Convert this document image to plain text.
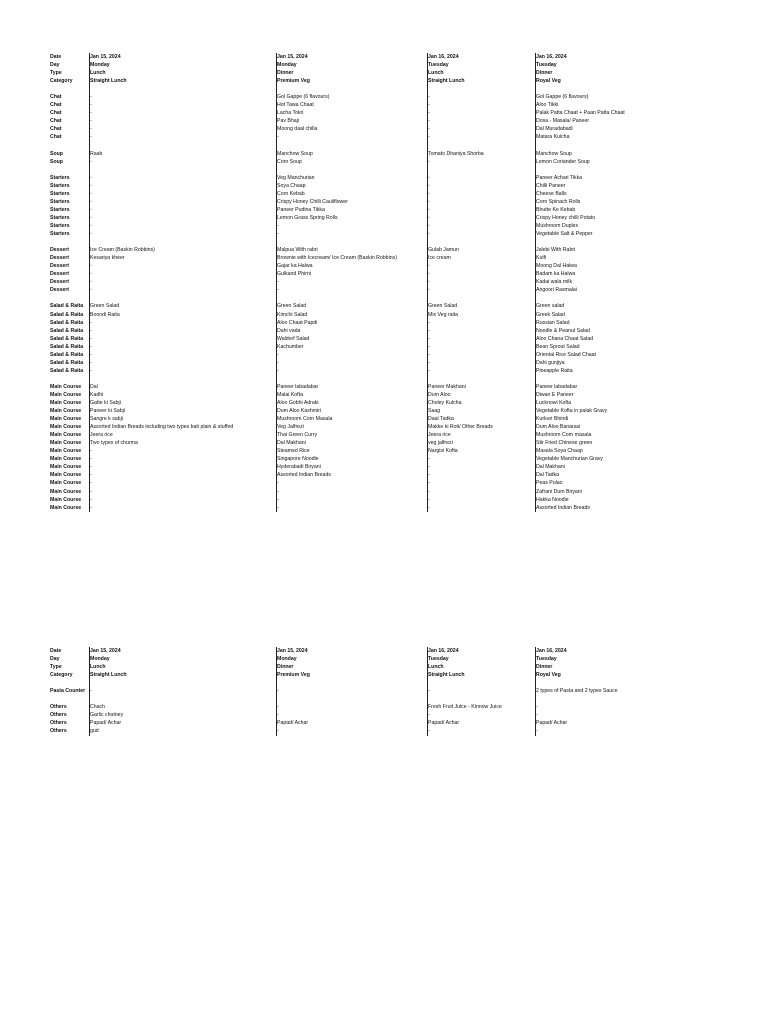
Date	Jan 15, 2024	Jan 15, 2024	Jan 16, 2024	Jan 16, 2024
Day	Monday	Monday	Tuesday	Tuesday
Type	Lunch	Dinner	Lunch	Dinner
Category	Straight Lunch	Premium Veg	Straight Lunch	Royal Veg
Chat	-	Gol Gappe (6 flavours)	-	Gol Gappe (6 flavours)
Chat	-	Hot Tawa Chaat	-	Aloo Tikki
Chat	-	Lacha Tokri	-	Palak Patta Chaat + Paan Patta Chaat
Chat	-	Pav Bhaji	-	Dosa - Masala/ Paneer
Chat	-	Moong daal chilla	-	Dal Muradabadi
Chat	-	-	-	Matara Kulcha
Soup	Raab	Manchow Soup	Tomato Dhaniya Shorba	Manchow Soup
Soup	-	Corn Soup	-	Lemon Coriander Soup
Starters	-	Veg Manchurian	-	Paneer Achari Tikka
Starters	-	Soya Chaap	-	Chilli Paneer
Starters	-	Corn Kebab	-	Cheese Balls
Starters	-	Crispy Honey Chilli Cauliflower	-	Corn Spinach Rolls
Starters	-	Paneer Pudina Tikka	-	Bhutte Ke Kebab
Starters	-	Lemon Grass Spring Rolls	-	Crispy Honey chilli Potato
Starters	-	-	-	Mushroom Duplex
Starters	-	-	-	Vegetable Salt & Pepper
Dessert	Ice Cream (Baskin Robbins)	Malpua With rabri	Gulab Jamun	Jalebi With Rabri
Dessert	Kesariya kheer	Brownie with Icecream/ Ice Cream (Baskin Robbins)	Ice cream	Kulfi
Dessert	-	Gajar ka Halwa	-	Moong Dal Halwa
Dessert	-	Gulkand Phirni	-	Badam ka Halwa
Dessert	-	-	-	Kadai wala milk
Dessert	-	-	-	Angoori Rasmalai
Salad & Raita	Green Salad	Green Salad	Green Salad	Green salad
Salad & Raita	Boondi Raita	Kimchi Salad	Mix Veg raita	Greek Salad
Salad & Raita	-	Aloo Chaat Papdi	-	Russian Salad
Salad & Raita	-	Dahi vada	-	Noodle & Peanut Salad
Salad & Raita	-	Waldorf Salad	-	Aloo Chana Chaat Salad
Salad & Raita	-	Kachumber	-	Bean Sprout Salad
Salad & Raita	-	-	-	Oriental Rice Salad Chaat
Salad & Raita	-	-	-	Dahi gunjiya
Salad & Raita	-	-	-	Pineapple Raita
Main Course	Dal	Paneer labadabar	Paneer Makhani	Paneer labadabar
Main Course	Kadhi	Malai Kofta	Dum Aloo	Diwan E Paneer
Main Course	Gatte ki Sabji	Aloo Gobhi Adraki	Choley Kulcha	Lucknowi Kofta
Main Course	Paneer ki Sabji	Dum Aloo Kashmiri	Saag	Vegetable Kofta in palak Gravy
Main Course	Sangre k sabji	Mushroom Corn Masala	Daal Tadka	Kurkuri Bhindi
Main Course	Assorted Indian Breads including two types bati plain & stuffed	Veg Jalfrezi	Makke ki Roti/ Other Breads	Dum Aloo Banarasi
Main Course	Jeera rice	Thai Green Curry	Jeera rice	Mushroom Corn masala
Main Course	Two types of churma	Dal Makhani	veg jalfrezi	Stir Fried Chinese green
Main Course	-	Steamed Rice	Nargisi Kofta	Masala Soya Chaap
Main Course	-	Singapore Noodle	-	Vegetable Manchurian Gravy
Main Course	-	Hyderabadi Biryani	-	Dal Makhani
Main Course	-	Assorted Indian Breads	-	Dal Tadka
Main Course	-	-	-	Peas Pulao
Main Course	-	-	-	Zafrani Dum Biryani
Main Course	-	-	-	Hakka Noodle
Main Course	-	-	-	Assorted Indian Breads
Date	Jan 15, 2024	Jan 15, 2024	Jan 16, 2024	Jan 16, 2024
Day	Monday	Monday	Tuesday	Tuesday
Type	Lunch	Dinner	Lunch	Dinner
Category	Straight Lunch	Premium Veg	Straight Lunch	Royal Veg
Pasta Counter -	-	-	2 types of Pasta and 2 types Sauce
Others	Chach	-	Fresh Fruit Juice - Kinnow Juice	-
Others	Garlic chutney	-	-	-
Others	Papad/ Achar	Papad/ Achar	Papad/ Achar	Papad/ Achar
Others	gud	-	-	-
